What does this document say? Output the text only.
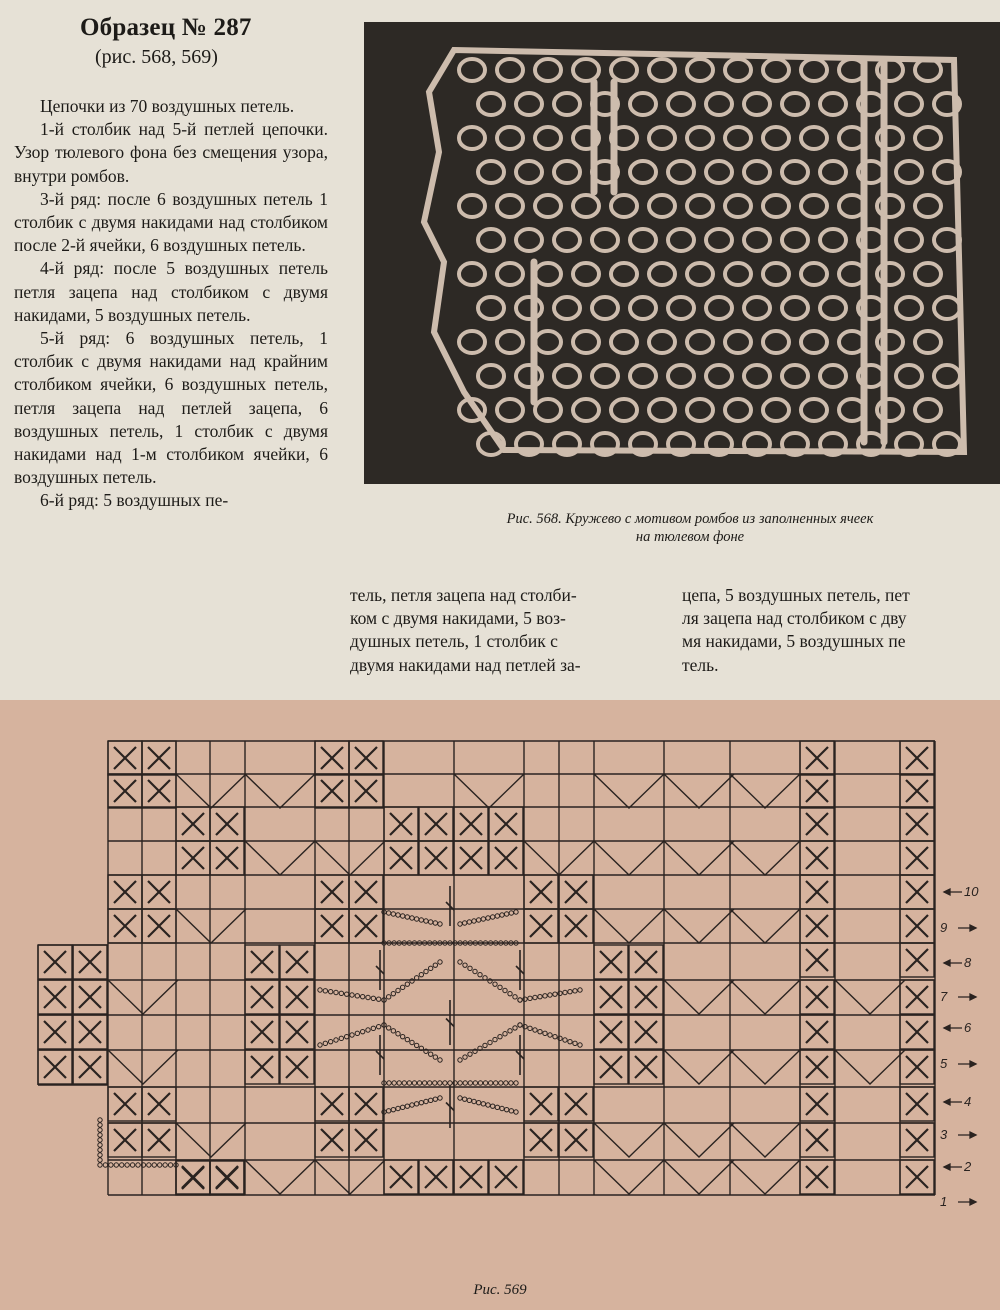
Образец № 287
(рис. 568, 569)

Цепочки из 70 воздушных петель.

1-й столбик над 5-й петлей цепочки. Узор тюлевого фона без смещения узора, внутри ромбов.

3-й ряд: после 6 воздушных петель 1 столбик с двумя накидами над столбиком после 2-й ячейки, 6 воздушных петель.

4-й ряд: после 5 воздушных петель петля зацепа над столбиком с двумя накидами, 5 воздушных петель.

5-й ряд: 6 воздушных петель, 1 столбик с двумя накидами над крайним столбиком ячейки, 6 воздушных петель, петля зацепа над петлей зацепа, 6 воздушных петель, 1 столбик с двумя накидами над 1-м столбиком ячейки, 6 воздушных петель.

6-й ряд: 5 воздушных пе-

Рис. 568. Кружево с мотивом ромбов из заполненных ячеек
на тюлевом фоне

тель, петля зацепа над столби-

ком с двумя накидами, 5 воз-

душных петель, 1 столбик с

двумя накидами над петлей за-

цепа, 5 воздушных петель, пет

ля зацепа над столбиком с дву

мя накидами, 5 воздушных пе

тель.

10
9
8
7
6
5
4
3
2
1
Рис. 569
